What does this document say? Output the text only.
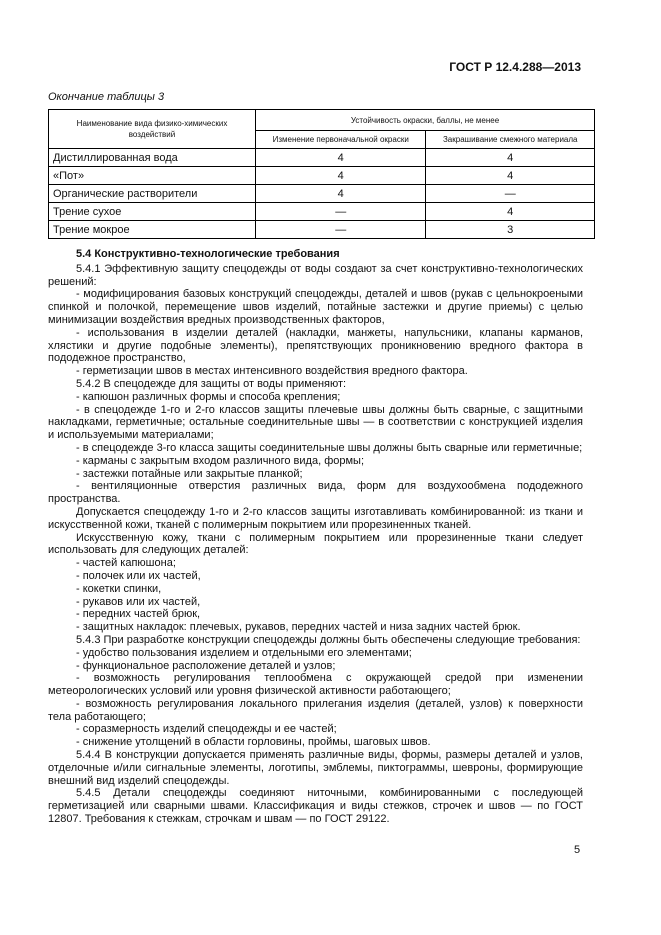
ГОСТ Р 12.4.288—2013
Окончание таблицы 3
Наименование вида физико-химических воздействий	Устойчивость окраски, баллы, не менее	
	Изменение первоначальной окраски	Закрашивание смежного материала
Дистиллированная вода	4	4
«Пот»	4	4
Органические растворители	4	—
Трение сухое	—	4
Трение мокрое	—	3

5.4 Конструктивно-технологические требования

5.4.1 Эффективную защиту спецодежды от воды создают за счет конструктивно-технологических решений:

- модифицирования базовых конструкций спецодежды, деталей и швов (рукав с цельнокроеными спинкой и полочкой, перемещение швов изделий, потайные застежки и другие приемы) с целью минимизации воздействия вредных производственных факторов,

- использования в изделии деталей (накладки, манжеты, напульсники, клапаны карманов, хлястики и другие подобные элементы), препятствующих проникновению вредного фактора в пододежное пространство,

- герметизации швов в местах интенсивного воздействия вредного фактора.

5.4.2 В спецодежде для защиты от воды применяют:

- капюшон различных формы и способа крепления;

- в спецодежде 1-го и 2-го классов защиты плечевые швы должны быть сварные, с защитными накладками, герметичные; остальные соединительные швы — в соответствии с конструкцией изделия и используемыми материалами;

- в спецодежде 3-го класса защиты соединительные швы должны быть сварные или герметичные;

- карманы с закрытым входом различного вида, формы;

- застежки потайные или закрытые планкой;

- вентиляционные отверстия различных вида, форм для воздухообмена пододежного пространства.

Допускается спецодежду 1-го и 2-го классов защиты изготавливать комбинированной: из ткани и искусственной кожи, тканей с полимерным покрытием или прорезиненных тканей.

Искусственную кожу, ткани с полимерным покрытием или прорезиненные ткани следует использовать для следующих деталей:

- частей капюшона;

- полочек или их частей,

- кокетки спинки,

- рукавов или их частей,

- передних частей брюк,

- защитных накладок: плечевых, рукавов, передних частей и низа задних частей брюк.

5.4.3 При разработке конструкции спецодежды должны быть обеспечены следующие требования:

- удобство пользования изделием и отдельными его элементами;

- функциональное расположение деталей и узлов;

- возможность регулирования теплообмена с окружающей средой при изменении метеорологических условий или уровня физической активности работающего;

- возможность регулирования локального прилегания изделия (деталей, узлов) к поверхности тела работающего;

- соразмерность изделий спецодежды и ее частей;

- снижение утолщений в области горловины, проймы, шаговых швов.

5.4.4 В конструкции допускается применять различные виды, формы, размеры деталей и узлов, отделочные и/или сигнальные элементы, логотипы, эмблемы, пиктограммы, шевроны, формирующие внешний вид изделий спецодежды.

5.4.5 Детали спецодежды соединяют ниточными, комбинированными с последующей герметизацией или сварными швами. Классификация и виды стежков, строчек и швов — по ГОСТ 12807. Требования к стежкам, строчкам и швам — по ГОСТ 29122.

5
